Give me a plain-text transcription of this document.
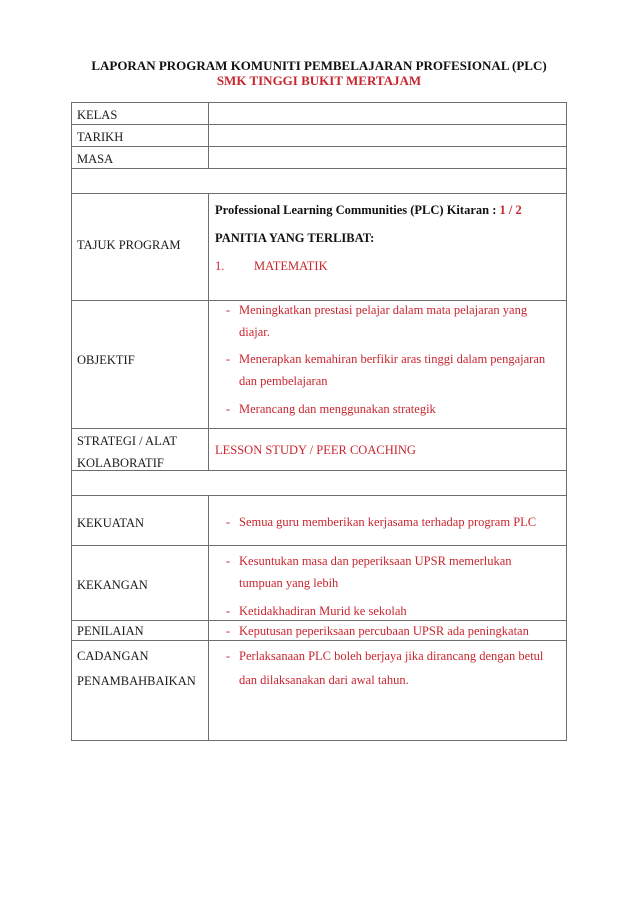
LAPORAN PROGRAM KOMUNITI PEMBELAJARAN PROFESIONAL (PLC)
SMK TINGGI BUKIT MERTAJAM
KELAS
TARIKH
MASA
TAJUK PROGRAM
Professional Learning Communities (PLC) Kitaran : 1 / 2
PANITIA YANG TERLIBAT:
1. MATEMATIK
OBJEKTIF
- Meningkatkan prestasi pelajar dalam mata pelajaran yang diajar.
- Menerapkan kemahiran berfikir aras tinggi dalam pengajaran dan pembelajaran
- Merancang dan menggunakan strategik
STRATEGI / ALAT
KOLABORATIF
LESSON STUDY / PEER COACHING
KEKUATAN	- Semua guru memberikan kerjasama terhadap program PLC
KEKANGAN
- Kesuntukan masa dan peperiksaan UPSR memerlukan tumpuan yang lebih
- Ketidakhadiran Murid ke sekolah
PENILAIAN	- Keputusan peperiksaan percubaan UPSR ada peningkatan
CADANGAN
PENAMBAHBAIKAN
- Perlaksanaan PLC boleh berjaya jika dirancang dengan betul dan dilaksanakan dari awal tahun.
